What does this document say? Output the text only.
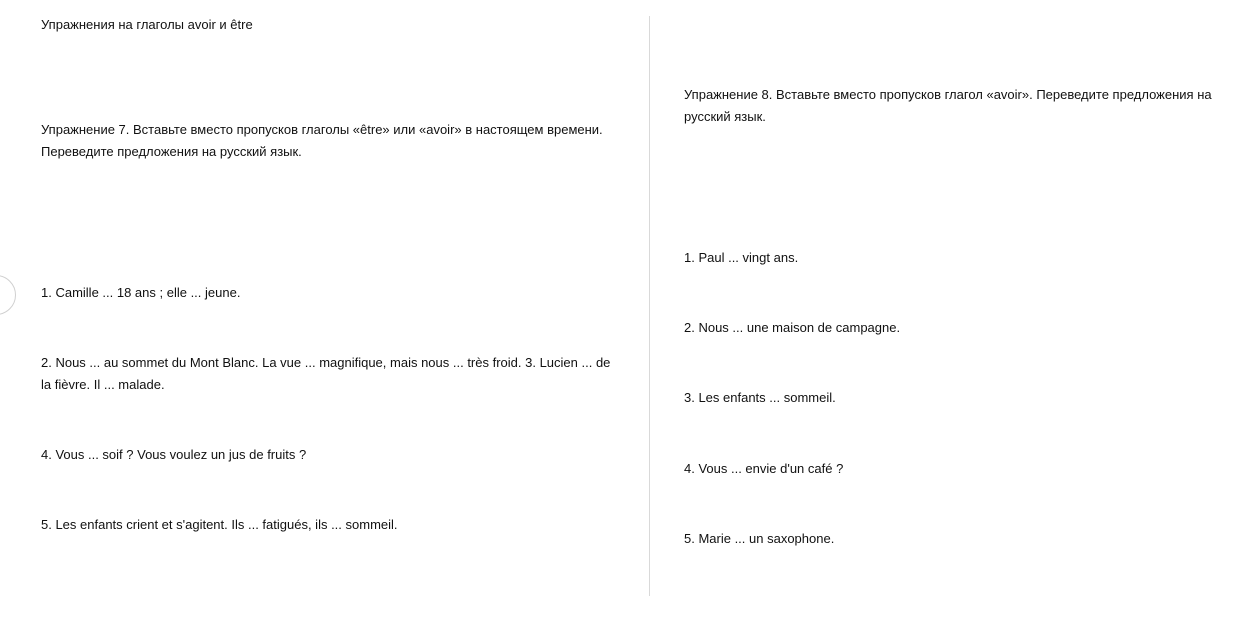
Упражнения на глаголы avoir и être

Упражнение 7. Вставьте вместо пропусков глаголы «être» или «avoir» в настоящем времени. Переведите предложения на русский язык.

1. Camille ... 18 ans ; elle ... jeune.

2. Nous ... au sommet du Mont Blanc. La vue ... magnifique, mais nous ... très froid. 3. Lucien ... de la fièvre. Il ... malade.

4. Vous ... soif ? Vous voulez un jus de fruits ?

5. Les enfants crient et s'agitent. Ils ... fatigués, ils ... sommeil.

Упражнение 8. Вставьте вместо пропусков глагол «avoir». Переведите предложения на русский язык.

1. Paul ... vingt ans.

2. Nous ... une maison de campagne.

3. Les enfants ... sommeil.

4. Vous ... envie d'un café ?

5. Marie ... un saxophone.
